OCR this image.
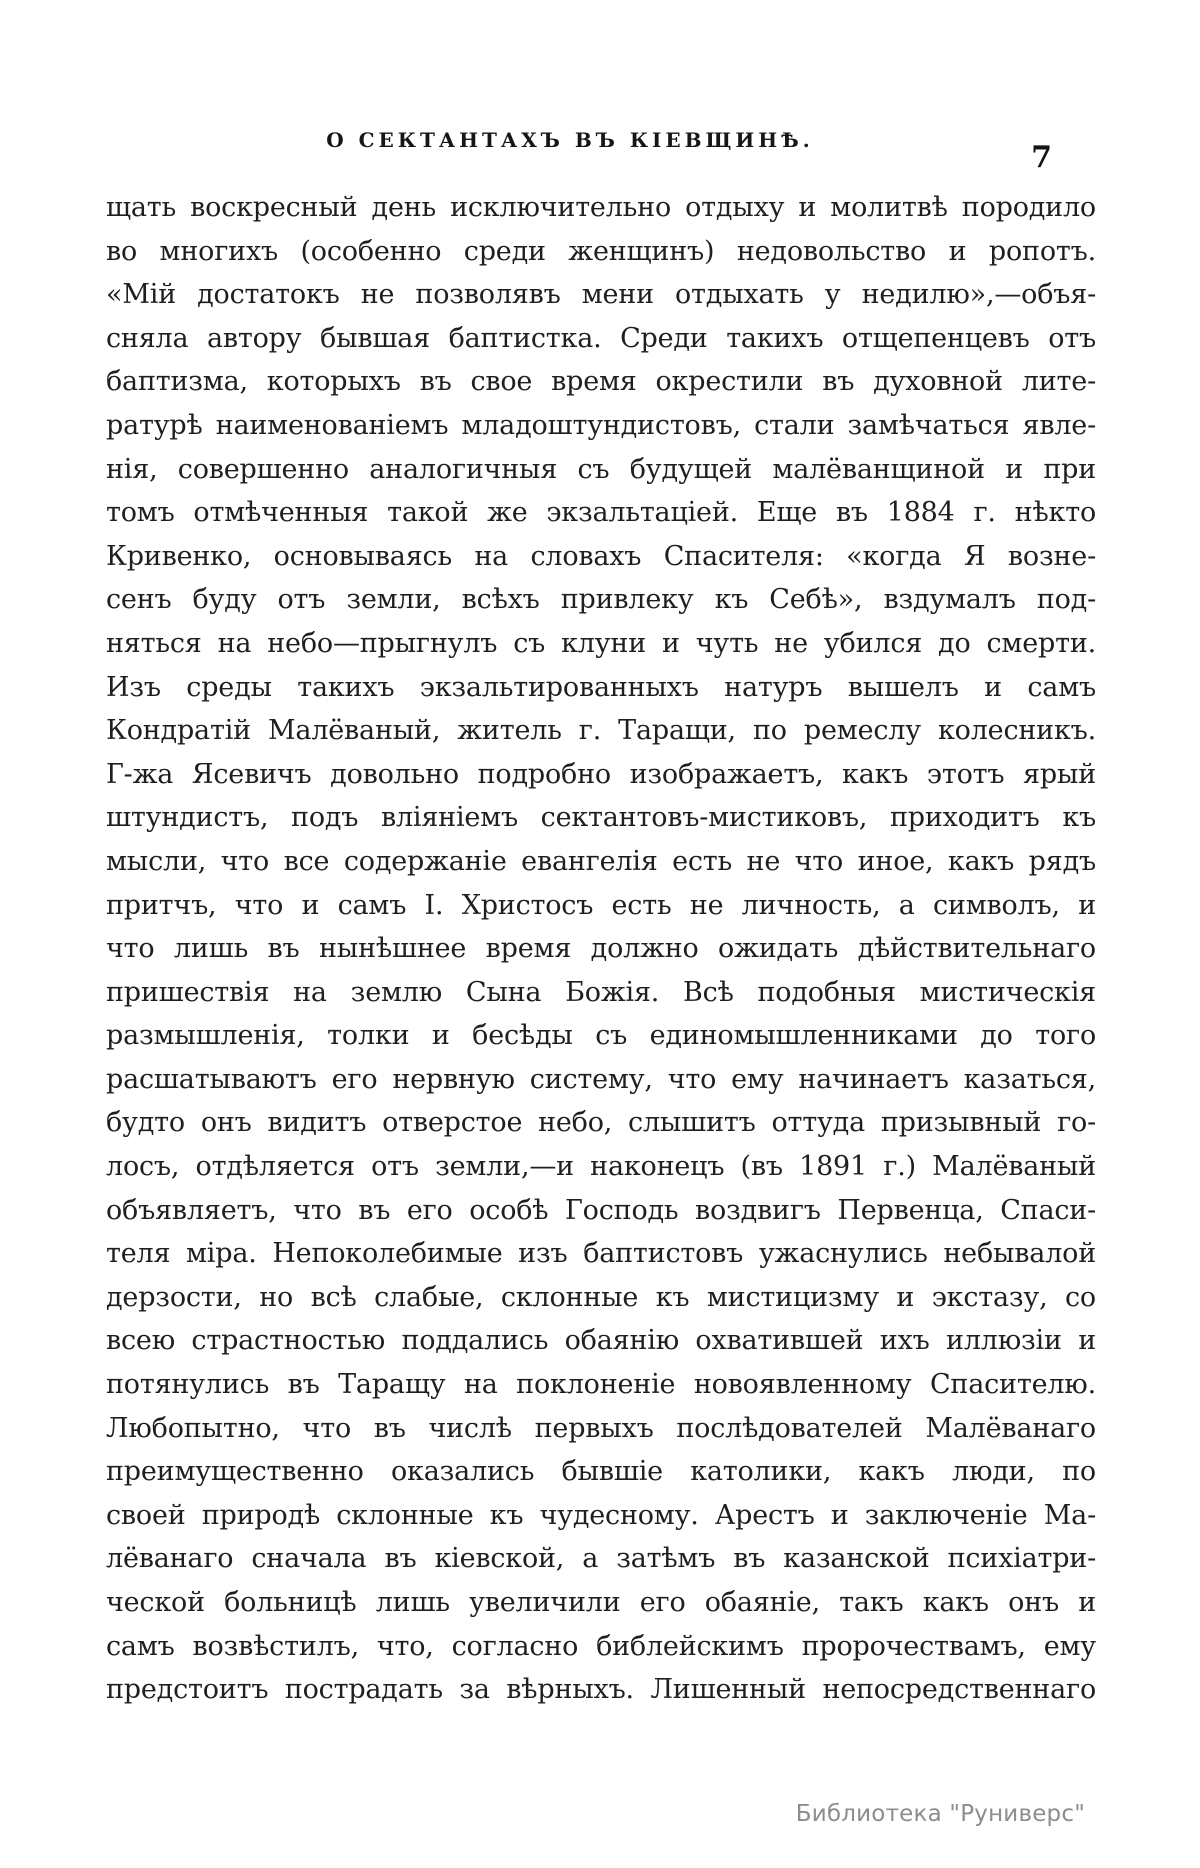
О СЕКТАНТАХЪ ВЪ КІЕВЩИНѢ.	7
щать воскресный день исключительно отдыху и молитвѣ породило
во многихъ (особенно среди женщинъ) недовольство и ропотъ.
«Мій достатокъ не позволявъ мени отдыхать у недилю»,—объя-
сняла автору бывшая баптистка. Среди такихъ отщепенцевъ отъ
баптизма, которыхъ въ свое время окрестили въ духовной лите-
ратурѣ наименованіемъ младоштундистовъ, стали замѣчаться явле-
нія, совершенно аналогичныя съ будущей малёванщиной и при
томъ отмѣченныя такой же экзальтаціей. Еще въ 1884 г. нѣкто
Кривенко, основываясь на словахъ Спасителя: «когда Я возне-
сенъ буду отъ земли, всѣхъ привлеку къ Себѣ», вздумалъ под-
няться на небо—прыгнулъ съ клуни и чуть не убился до смерти.
Изъ среды такихъ экзальтированныхъ натуръ вышелъ и самъ
Кондратій Малёваный, житель г. Таращи, по ремеслу колесникъ.
Г-жа Ясевичъ довольно подробно изображаетъ, какъ этотъ ярый
штундистъ, подъ вліяніемъ сектантовъ-мистиковъ, приходитъ къ
мысли, что все содержаніе евангелія есть не что иное, какъ рядъ
притчъ, что и самъ І. Христосъ есть не личность, а символъ, и
что лишь въ нынѣшнее время должно ожидать дѣйствительнаго
пришествія на землю Сына Божія. Всѣ подобныя мистическія
размышленія, толки и бесѣды съ единомышленниками до того
расшатываютъ его нервную систему, что ему начинаетъ казаться,
будто онъ видитъ отверстое небо, слышитъ оттуда призывный го-
лосъ, отдѣляется отъ земли,—и наконецъ (въ 1891 г.) Малёваный
объявляетъ, что въ его особѣ Господь воздвигъ Первенца, Спаси-
теля міра. Непоколебимые изъ баптистовъ ужаснулись небывалой
дерзости, но всѣ слабые, склонные къ мистицизму и экстазу, со
всею страстностью поддались обаянію охватившей ихъ иллюзіи и
потянулись въ Таращу на поклоненіе новоявленному Спасителю.
Любопытно, что въ числѣ первыхъ послѣдователей Малёванаго
преимущественно оказались бывшіе католики, какъ люди, по
своей природѣ склонные къ чудесному. Арестъ и заключеніе Ма-
лёванаго сначала въ кіевской, а затѣмъ въ казанской психіатри-
ческой больницѣ лишь увеличили его обаяніе, такъ какъ онъ и
самъ возвѣстилъ, что, согласно библейскимъ пророчествамъ, ему
предстоитъ пострадать за вѣрныхъ. Лишенный непосредственнаго
Библиотека "Руниверс"
